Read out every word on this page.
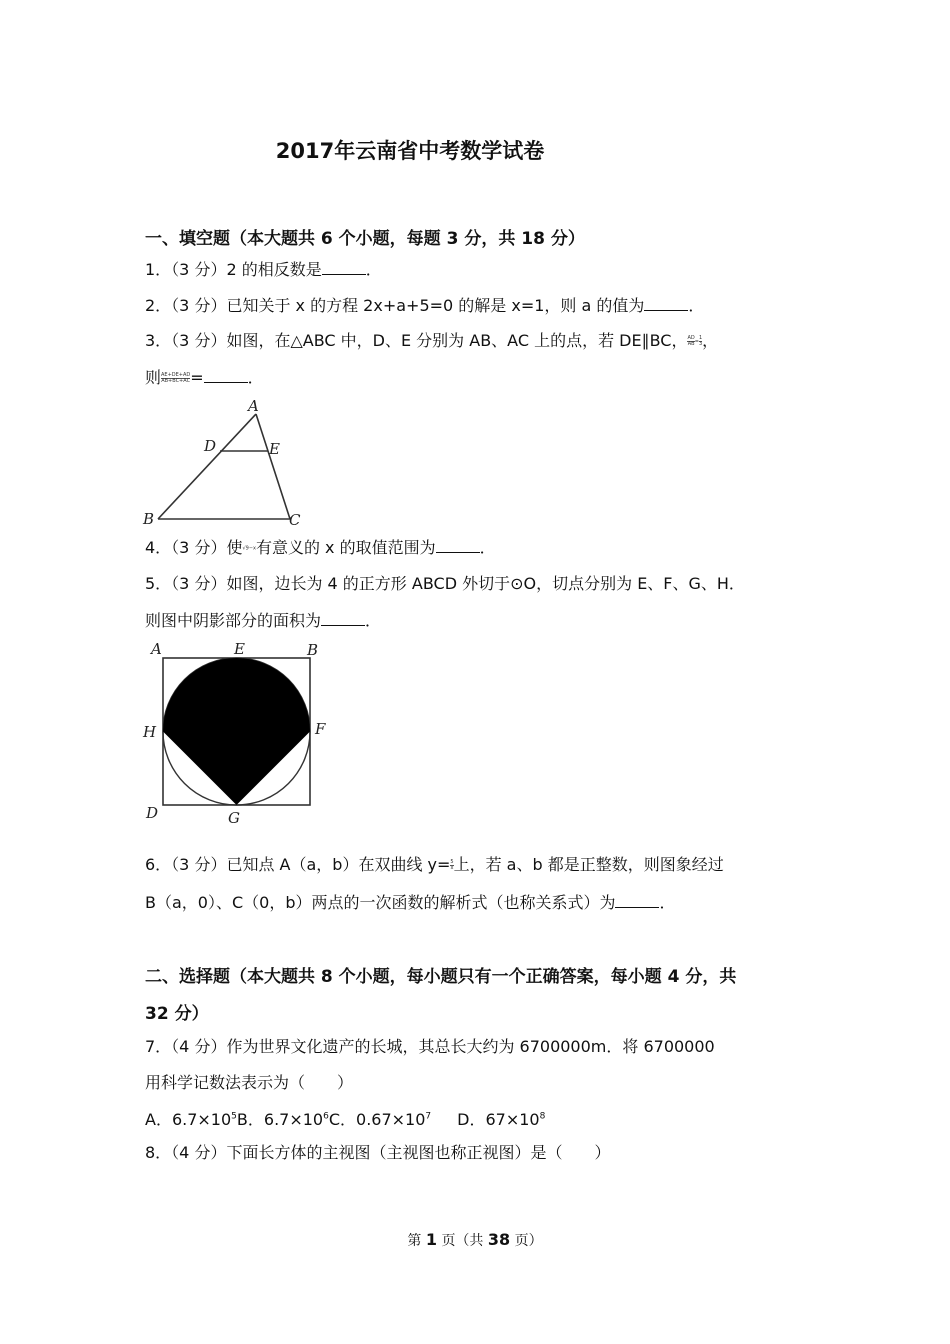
2017年云南省中考数学试卷
一、填空题（本大题共 6 个小题，每题 3 分，共 18 分）
1．（3 分）2 的相反数是	．
2．（3 分）已知关于 x 的方程 2x+a+5=0 的解是 x=1，则 a 的值为	．
3．（3 分）如图，在△ABC 中，D、E 分别为 AB、AC 上的点，若 DE∥BC， $\frac{AD}{AB} = \frac{1}{3}$ ，
则 $\frac{AE+DE+AD}{AB+BC+AC}$ =	．
A
D	E
B	C
4．（3 分）使√9−x有意义的 x 的取值范围为	．
5．（3 分）如图，边长为 4 的正方形 ABCD 外切于⊙O，切点分别为 E、F、G、H．
则图中阴影部分的面积为	．
A	E	B
H	F
D	G
6．（3 分）已知点 A（a，b）在双曲线 $y= \frac{5}{x}$ 上，若 a、b 都是正整数，则图象经过
B（a，0）、C（0，b）两点的一次函数的解析式（也称关系式）为	．
二、选择题（本大题共 8 个小题，每小题只有一个正确答案，每小题 4 分，共
32 分）
7．（4 分）作为世界文化遗产的长城，其总长大约为 6700000m．将 6700000
用科学记数法表示为（　　）
A．$6.7\times 10^5B$．$6.7\times 10^6C$．$0.67\times 10^7$ D．$67\times 10^8$
8．（4 分）下面长方体的主视图（主视图也称正视图）是（　　）
第 1 页（共 38 页）
